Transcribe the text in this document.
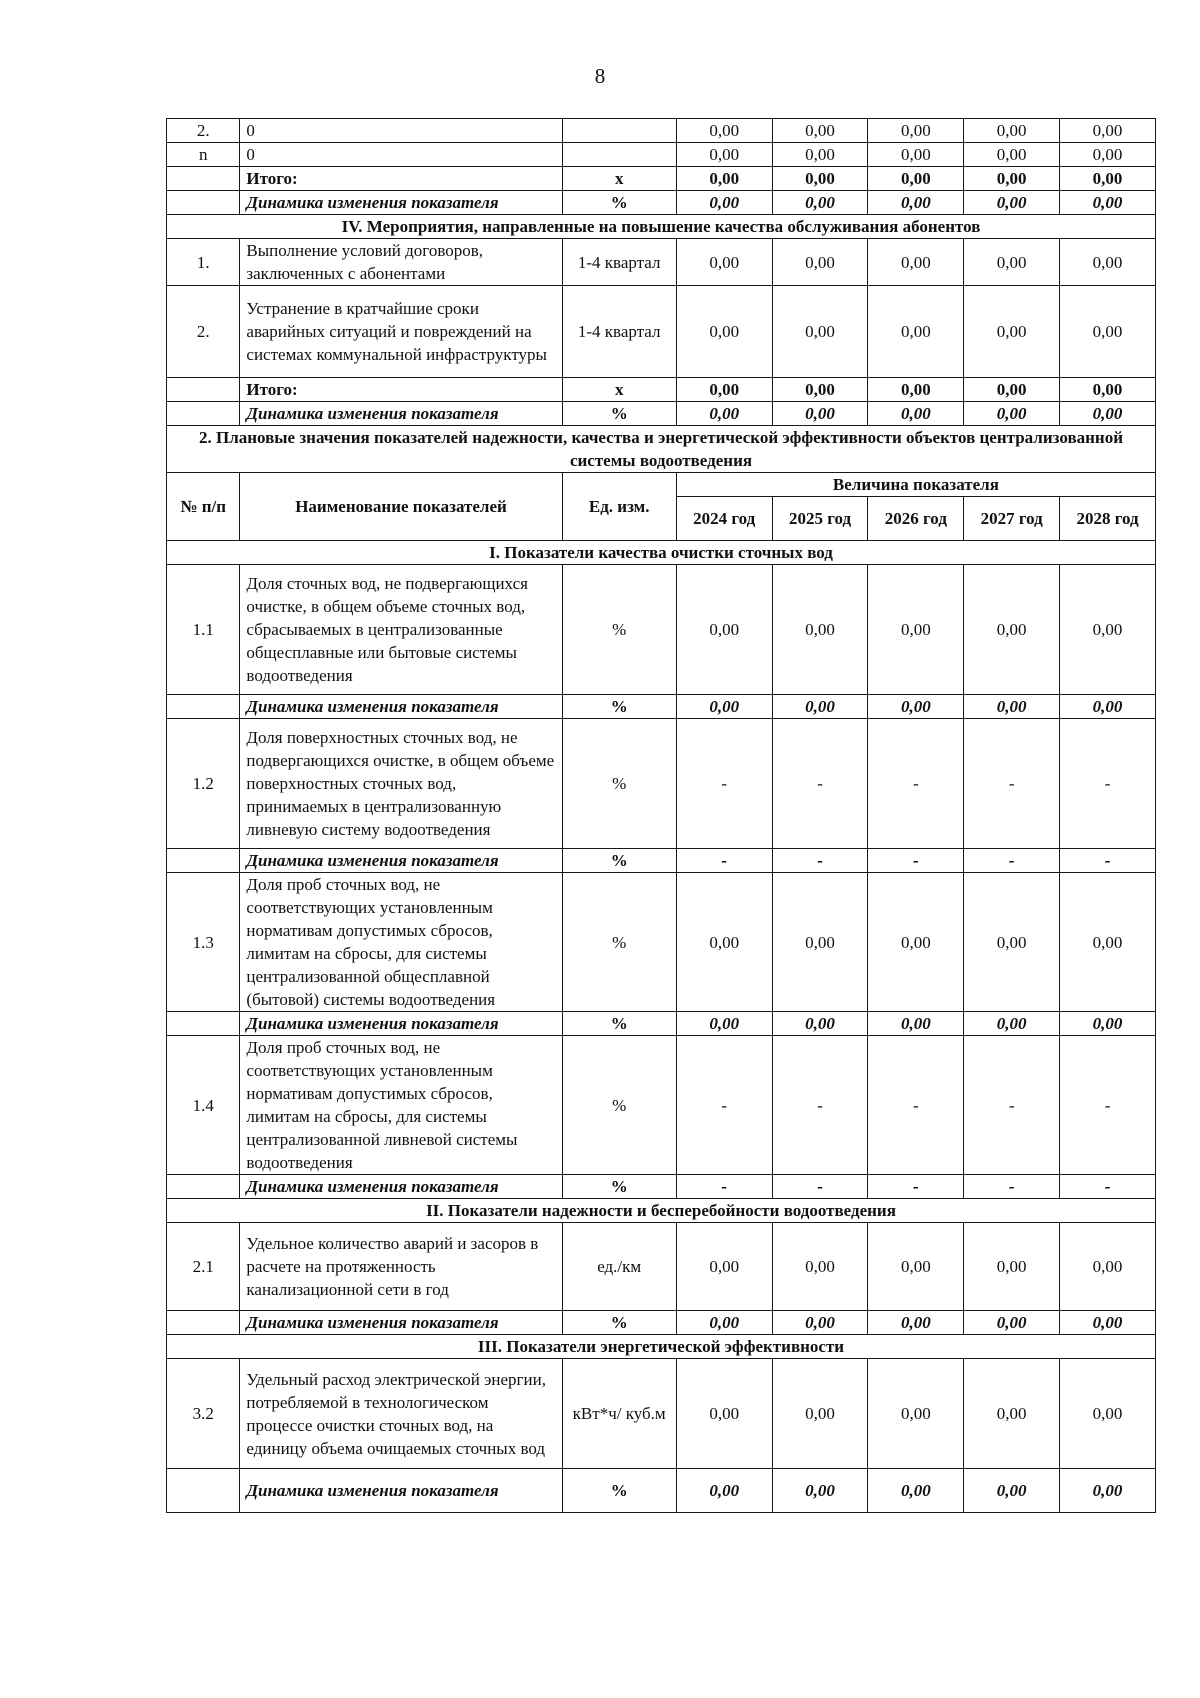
8
2.	0		0,00	0,00	0,00	0,00	0,00
n	0		0,00	0,00	0,00	0,00	0,00
	Итого:	х	0,00	0,00	0,00	0,00	0,00
	Динамика изменения показателя	%	0,00	0,00	0,00	0,00	0,00
IV. Мероприятия, направленные на повышение качества обслуживания абонентов							
1.	Выполнение условий договоров, заключенных с абонентами	1-4 квартал	0,00	0,00	0,00	0,00	0,00
2.	Устранение в кратчайшие сроки аварийных ситуаций и повреждений на системах коммунальной инфраструктуры	1-4 квартал	0,00	0,00	0,00	0,00	0,00
	Итого:	х	0,00	0,00	0,00	0,00	0,00
	Динамика изменения показателя	%	0,00	0,00	0,00	0,00	0,00
2. Плановые значения показателей надежности, качества и энергетической эффективности объектов централизованной системы водоотведения							
№ п/п	Наименование показателей	Ед. изм.	Величина показателя				
			2024 год	2025 год	2026 год	2027 год	2028 год
I. Показатели качества очистки сточных вод							
1.1	Доля сточных вод, не подвергающихся очистке, в общем объеме сточных вод, сбрасываемых в централизованные общесплавные или бытовые системы водоотведения	%	0,00	0,00	0,00	0,00	0,00
	Динамика изменения показателя	%	0,00	0,00	0,00	0,00	0,00
1.2	Доля поверхностных сточных вод, не подвергающихся очистке, в общем объеме поверхностных сточных вод, принимаемых в централизованную ливневую систему водоотведения	%	-	-	-	-	-
	Динамика изменения показателя	%	-	-	-	-	-
1.3	Доля проб сточных вод, не соответствующих установленным нормативам допустимых сбросов, лимитам на сбросы, для системы централизованной общесплавной (бытовой) системы водоотведения	%	0,00	0,00	0,00	0,00	0,00
	Динамика изменения показателя	%	0,00	0,00	0,00	0,00	0,00
1.4	Доля проб сточных вод, не соответствующих установленным нормативам допустимых сбросов, лимитам на сбросы, для системы централизованной ливневой системы водоотведения	%	-	-	-	-	-
	Динамика изменения показателя	%	-	-	-	-	-
II. Показатели надежности и бесперебойности водоотведения							
2.1	Удельное количество аварий и засоров в расчете на протяженность канализационной сети в год	ед./км	0,00	0,00	0,00	0,00	0,00
	Динамика изменения показателя	%	0,00	0,00	0,00	0,00	0,00
III. Показатели энергетической эффективности							
3.2	Удельный расход электрической энергии, потребляемой в технологическом процессе очистки сточных вод, на единицу объема очищаемых сточных вод	кВт*ч/ куб.м	0,00	0,00	0,00	0,00	0,00
	Динамика изменения показателя	%	0,00	0,00	0,00	0,00	0,00
